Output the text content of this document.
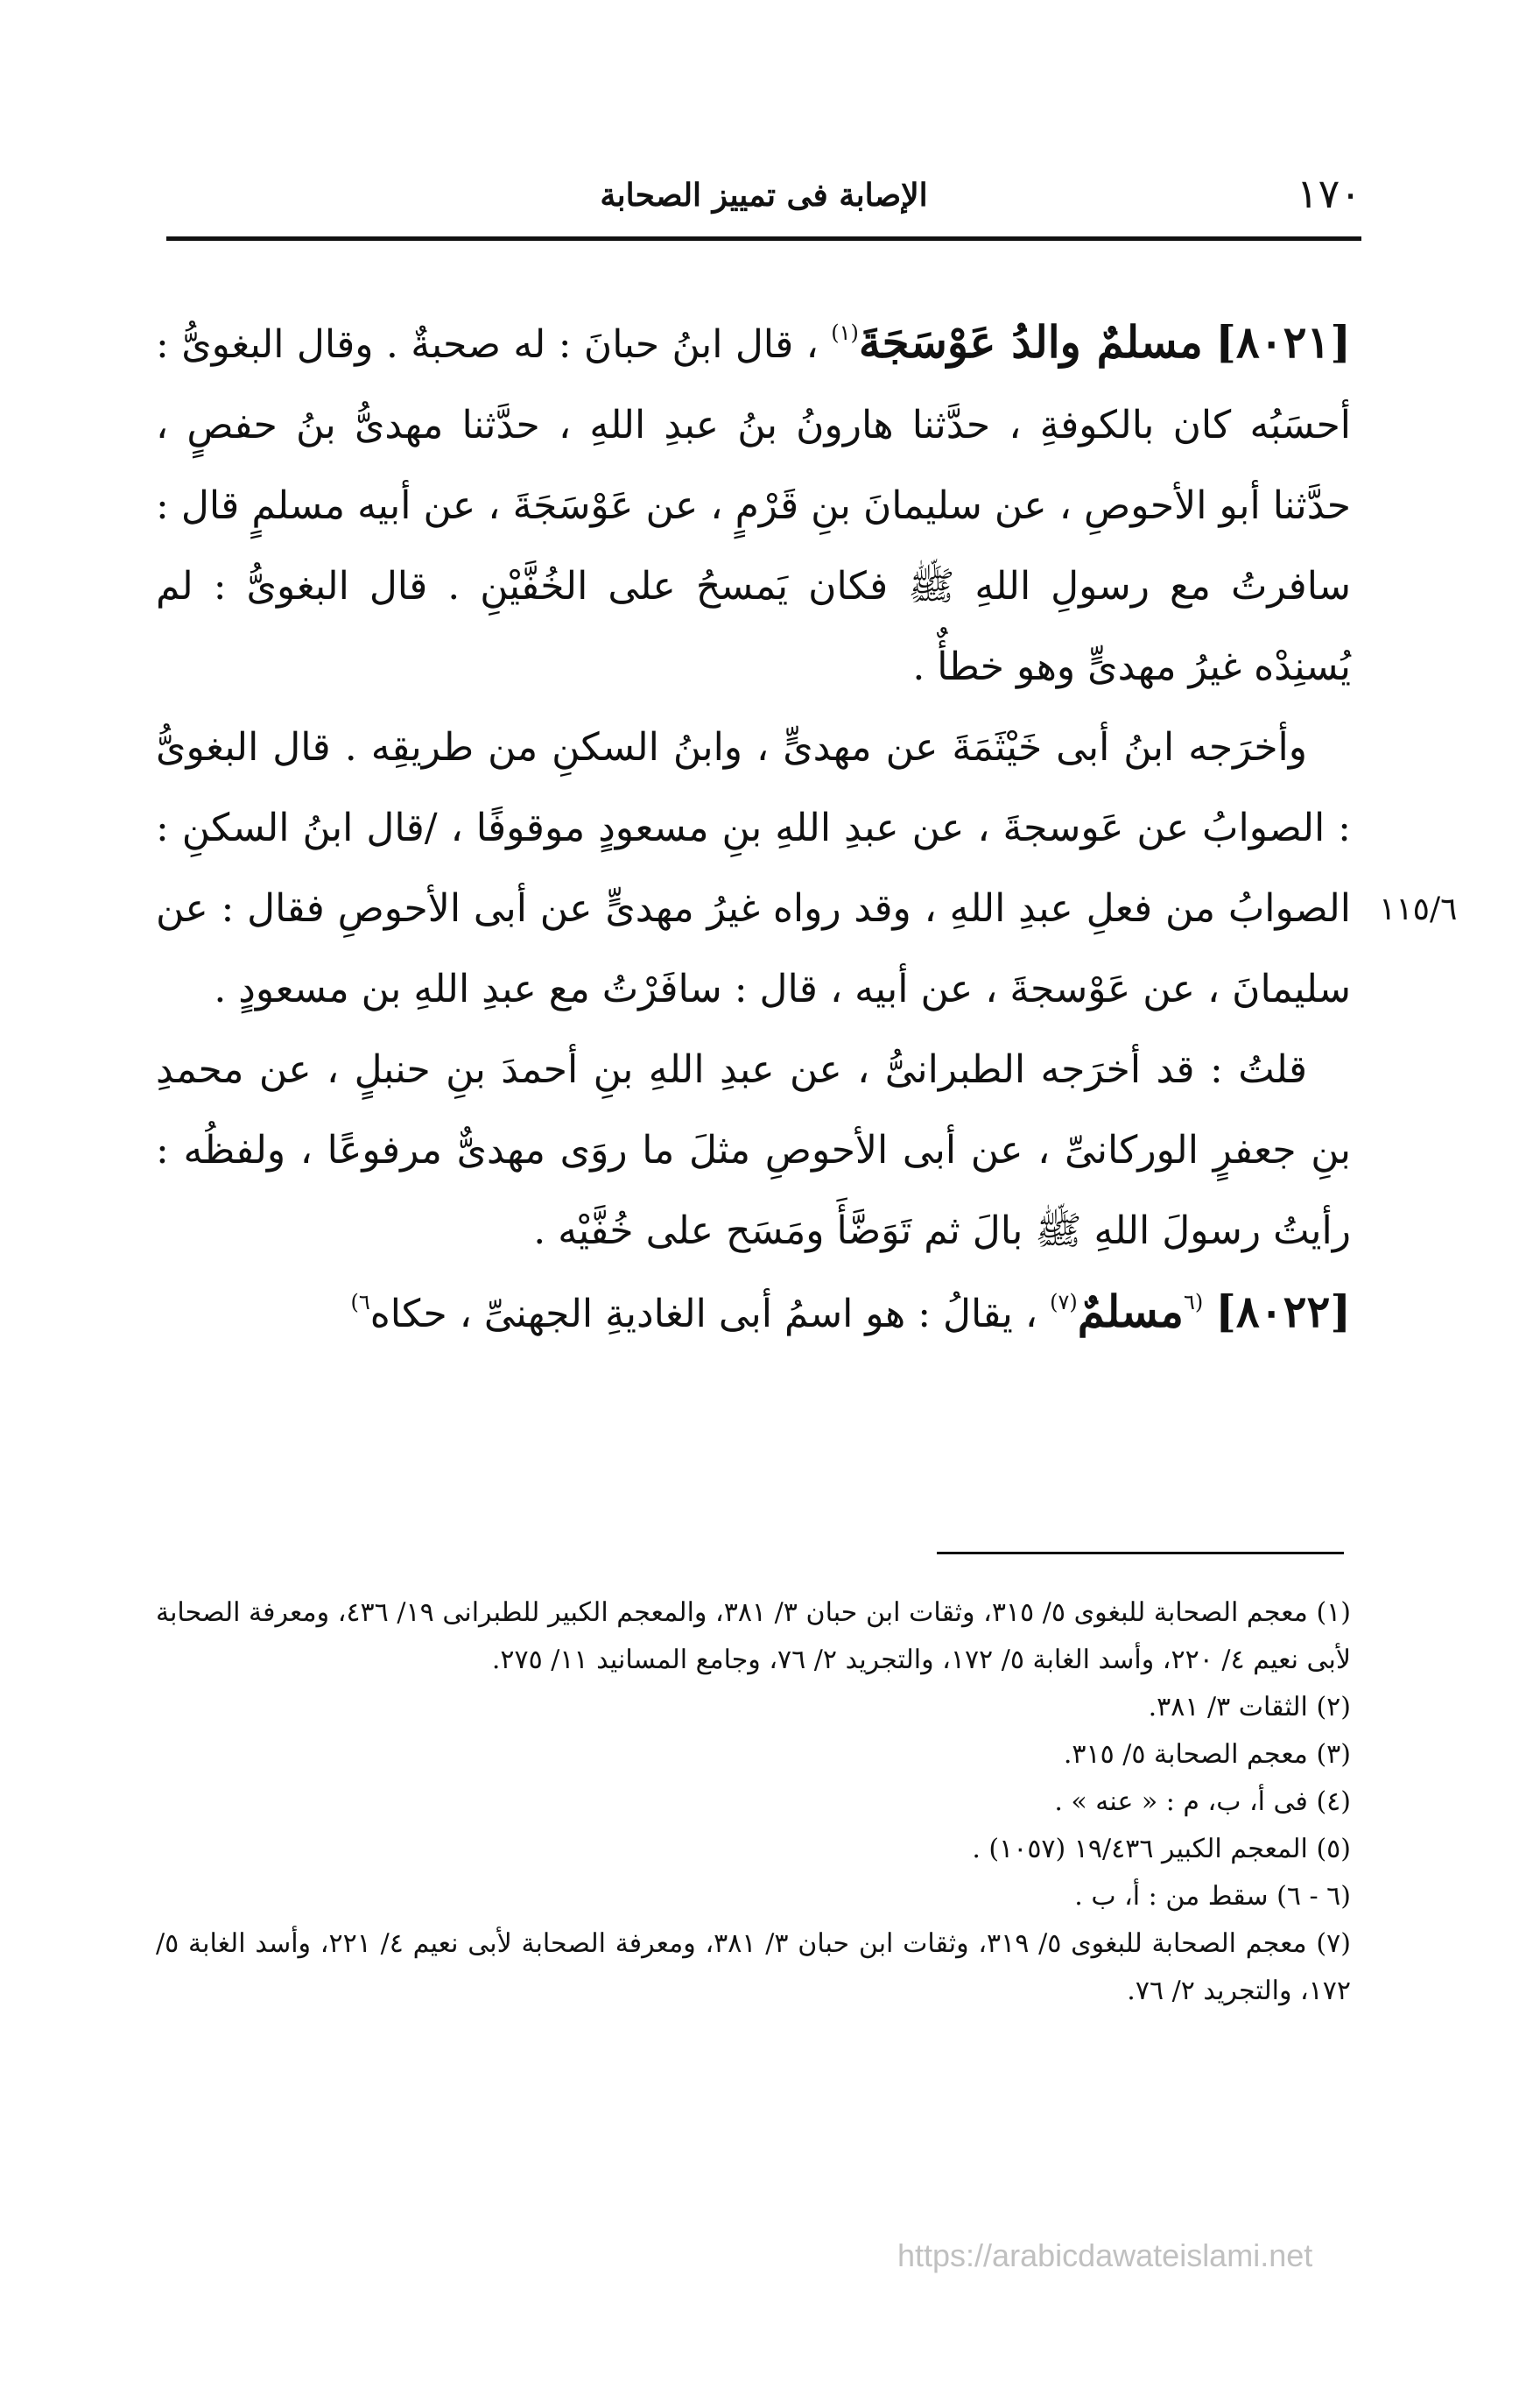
١٧٠
الإصابة فى تمييز الصحابة
١١٥/٦

[٨٠٢١] مسلمٌ والدُ عَوْسَجَةَ$^{(١)}$ ، قال ابنُ حبانَ : له صحبةٌ . وقال البغوىُّ : أحسَبُه كان بالكوفةِ ، حدَّثنا هارونُ بنُ عبدِ اللهِ ، حدَّثنا مهدىُّ بنُ حفصٍ ، حدَّثنا أبو الأحوصِ ، عن سليمانَ بنِ قَرْمٍ ، عن عَوْسَجَةَ ، عن أبيه مسلمٍ قال : سافرتُ مع رسولِ اللهِ ﷺ فكان يَمسحُ على الخُفَّيْنِ . قال البغوىُّ : لم يُسنِدْه غيرُ مهدىٍّ وهو خطأٌ .

وأخرَجه ابنُ أبى خَيْثَمَةَ عن مهدىٍّ ، وابنُ السكنِ من طريقِه . قال البغوىُّ : الصوابُ عن عَوسجةَ ، عن عبدِ اللهِ بنِ مسعودٍ موقوفًا ، /قال ابنُ السكنِ : الصوابُ من فعلِ عبدِ اللهِ ، وقد رواه غيرُ مهدىٍّ عن أبى الأحوصِ فقال : عن سليمانَ ، عن عَوْسجةَ ، عن أبيه ، قال : سافَرْتُ مع عبدِ اللهِ بن مسعودٍ .

قلتُ : قد أخرَجه الطبرانىُّ ، عن عبدِ اللهِ بنِ أحمدَ بنِ حنبلٍ ، عن محمدِ بنِ جعفرٍ الوركانىِّ ، عن أبى الأحوصِ مثلَ ما روَى مهدىٌّ مرفوعًا ، ولفظُه : رأيتُ رسولَ اللهِ ﷺ بالَ ثم تَوَضَّأَ ومَسَح على خُفَّيْه .

[٨٠٢٢] $^{(٦}$مسلمٌ$^{(٧)}$ ، يقالُ : هو اسمُ أبى الغاديةِ الجهنىِّ ، حكاه$^{٦)}$

(١) معجم الصحابة للبغوى ٥/ ٣١٥، وثقات ابن حبان ٣/ ٣٨١، والمعجم الكبير للطبرانى ١٩/ ٤٣٦، ومعرفة الصحابة لأبى نعيم ٤/ ٢٢٠، وأسد الغابة ٥/ ١٧٢، والتجريد ٢/ ٧٦، وجامع المسانيد ١١/ ٢٧٥.

(٢) الثقات ٣/ ٣٨١.

(٣) معجم الصحابة ٥/ ٣١٥.

(٤) فى أ، ب، م : « عنه » .

(٥) المعجم الكبير ١٩/٤٣٦ (١٠٥٧) .

(٦ - ٦) سقط من : أ، ب .

(٧) معجم الصحابة للبغوى ٥/ ٣١٩، وثقات ابن حبان ٣/ ٣٨١، ومعرفة الصحابة لأبى نعيم ٤/ ٢٢١، وأسد الغابة ٥/ ١٧٢، والتجريد ٢/ ٧٦.

https://arabicdawateislami.net
